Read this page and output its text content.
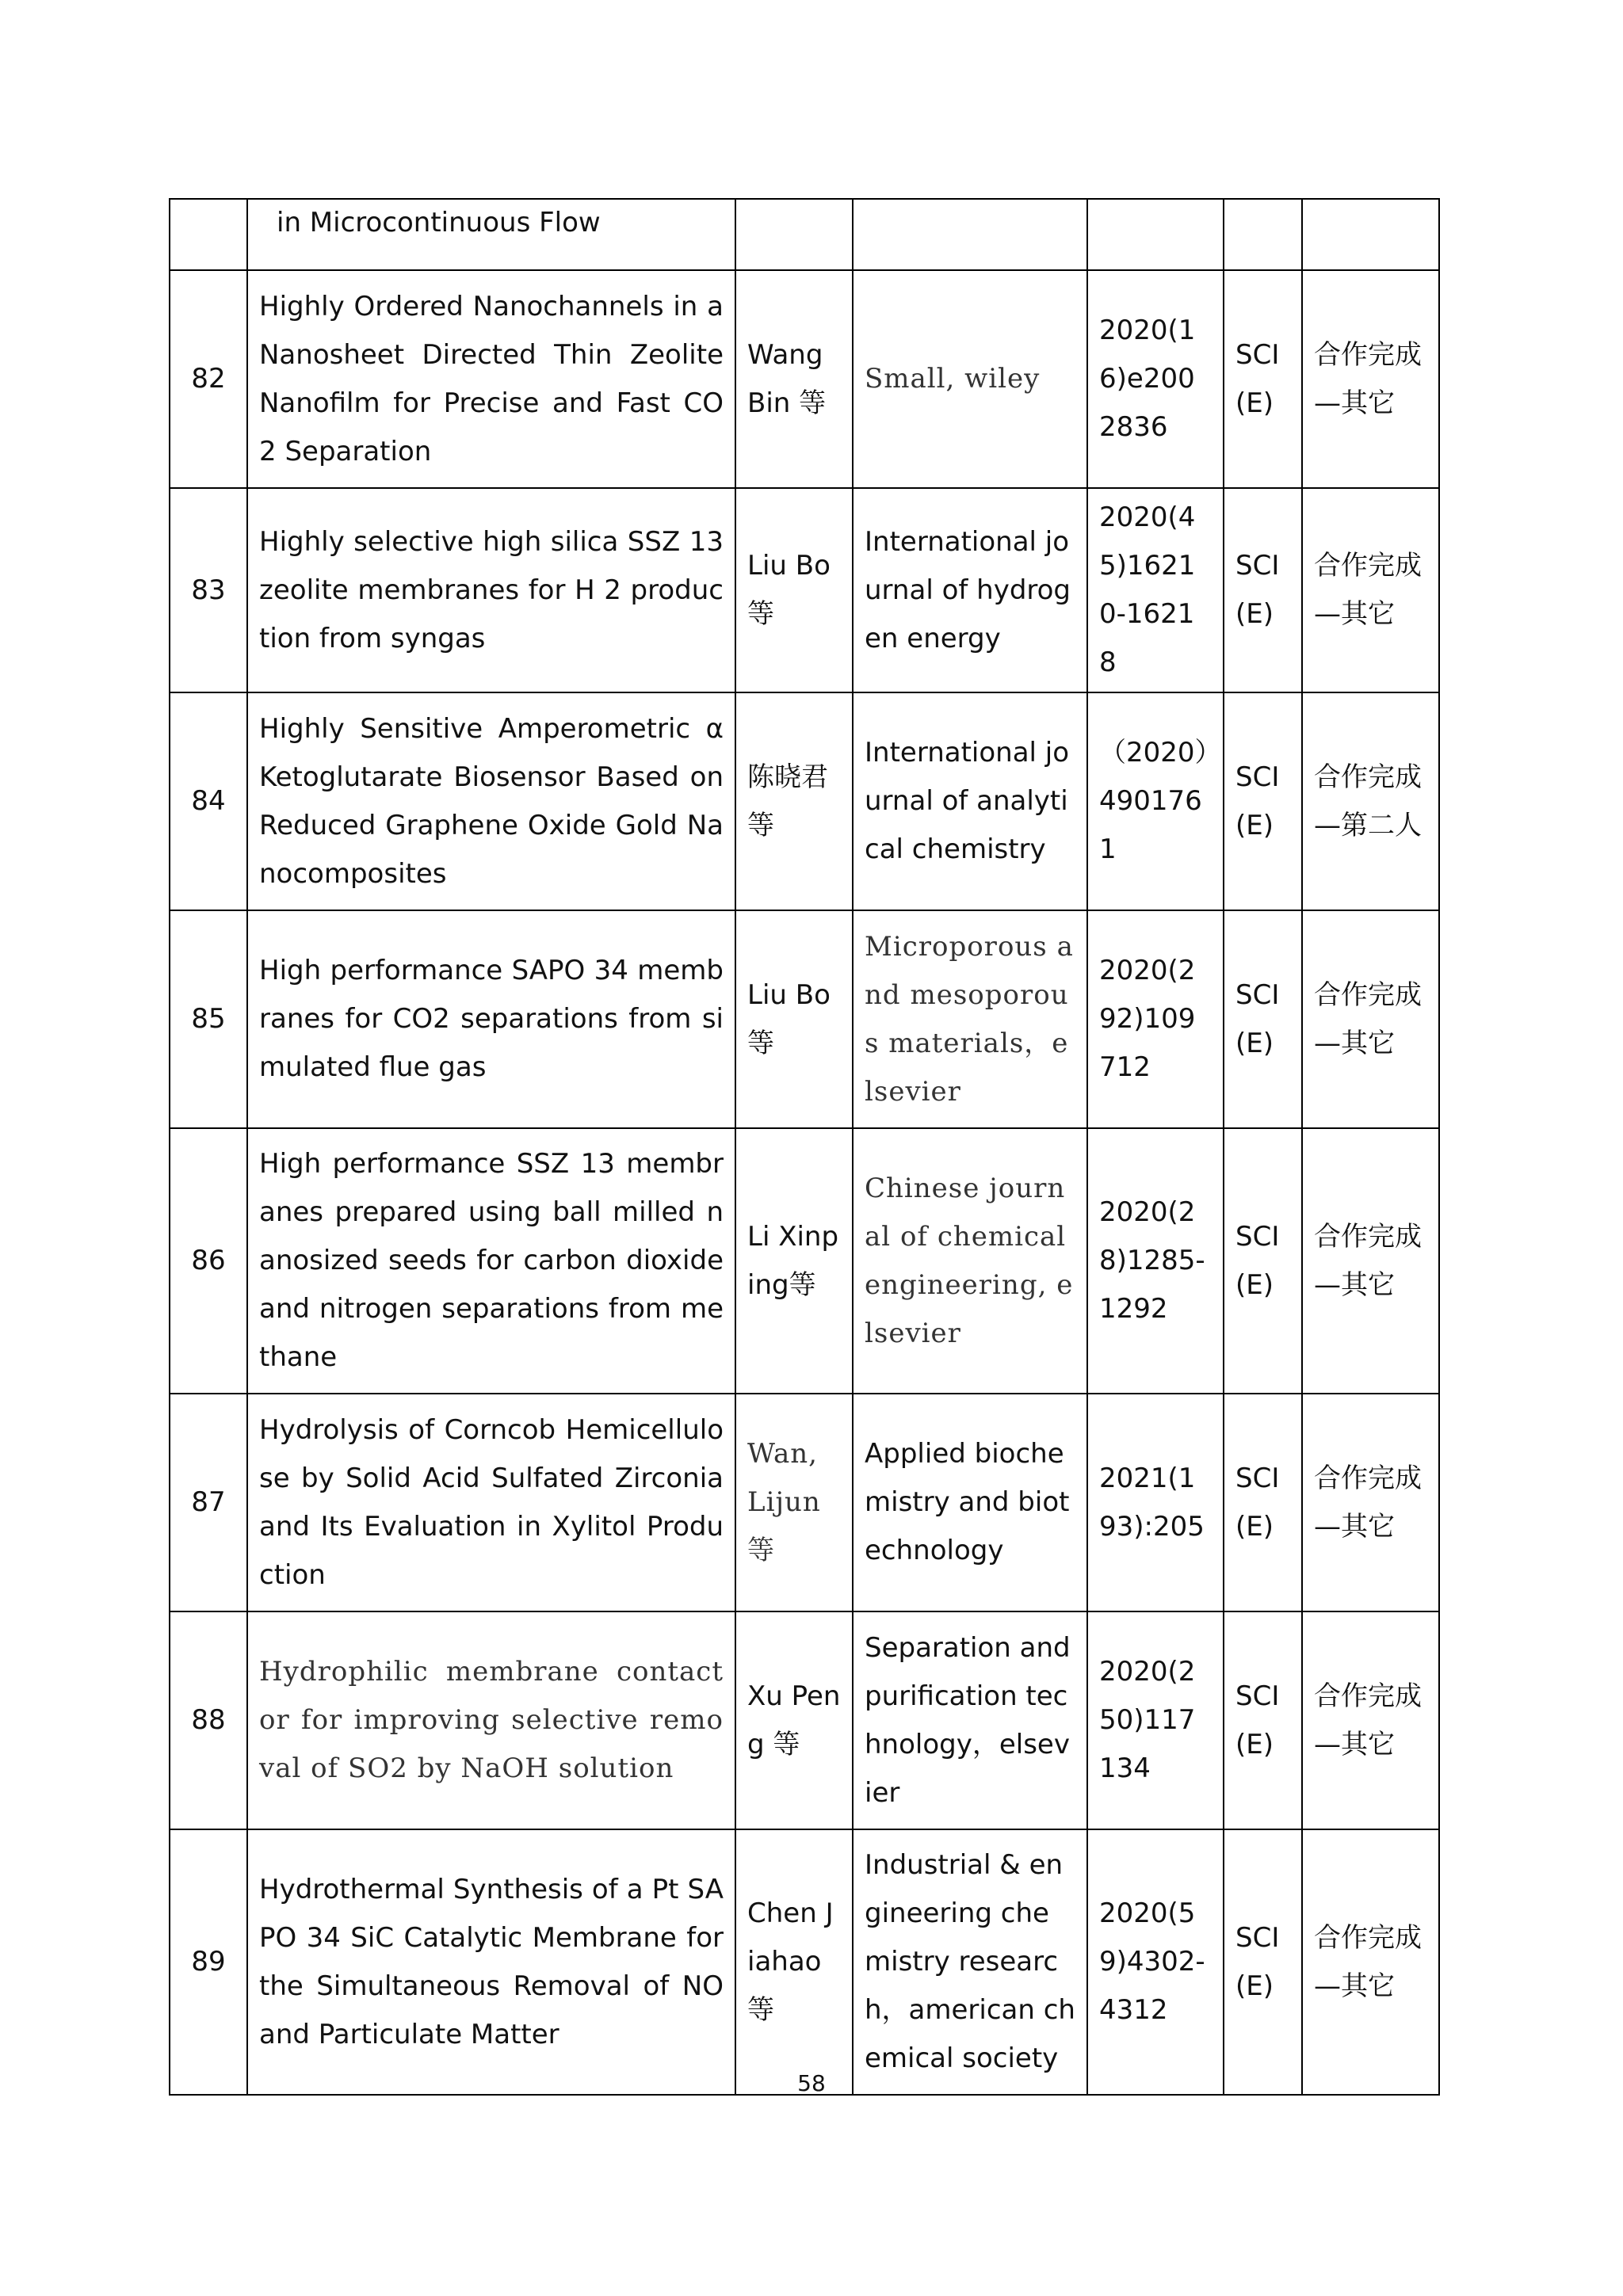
	in Microcontinuous Flow					
82	Highly Ordered Nanochannels in a Nanosheet Directed Thin Zeolite Nanofilm for Precise and Fast CO 2 Separation	Wang Bin 等	Small, wiley	2020(16)e2002836	SCI (E)	合作完成—其它
83	Highly selective high silica SSZ 13 zeolite membranes for H 2 production from syngas	Liu Bo 等	International journal of hydrogen energy	2020(45)16210-16218	SCI (E)	合作完成—其它
84	Highly Sensitive Amperometric α Ketoglutarate Biosensor Based on Reduced Graphene Oxide Gold Nanocomposites	陈晓君等	International journal of analytical chemistry	（2020）4901761	SCI (E)	合作完成—第二人
85	High performance SAPO 34 membranes for CO2 separations from simulated flue gas	Liu Bo 等	Microporous and mesoporous materials，elsevier	2020(292)109712	SCI (E)	合作完成—其它
86	High performance SSZ 13 membranes prepared using ball milled nanosized seeds for carbon dioxide and nitrogen separations from methane	Li Xinping等	Chinese journal of chemical engineering, elsevier	2020(28)1285-1292	SCI (E)	合作完成—其它
87	Hydrolysis of Corncob Hemicellulose by Solid Acid Sulfated Zirconia and Its Evaluation in Xylitol Production	Wan, Lijun 等	Applied biochemistry and biotechnology	2021(193):205	SCI (E)	合作完成—其它
88	Hydrophilic membrane contactor for improving selective removal of SO2 by NaOH solution	Xu Peng 等	Separation and purification technology，elsevier	2020(250)117134	SCI (E)	合作完成—其它
89	Hydrothermal Synthesis of a Pt SAPO 34 SiC Catalytic Membrane for the Simultaneous Removal of NO and Particulate Matter	Chen Jiahao 等	Industrial & engineering chemistry research，american chemical society	2020(59)4302-4312	SCI (E)	合作完成—其它
58
